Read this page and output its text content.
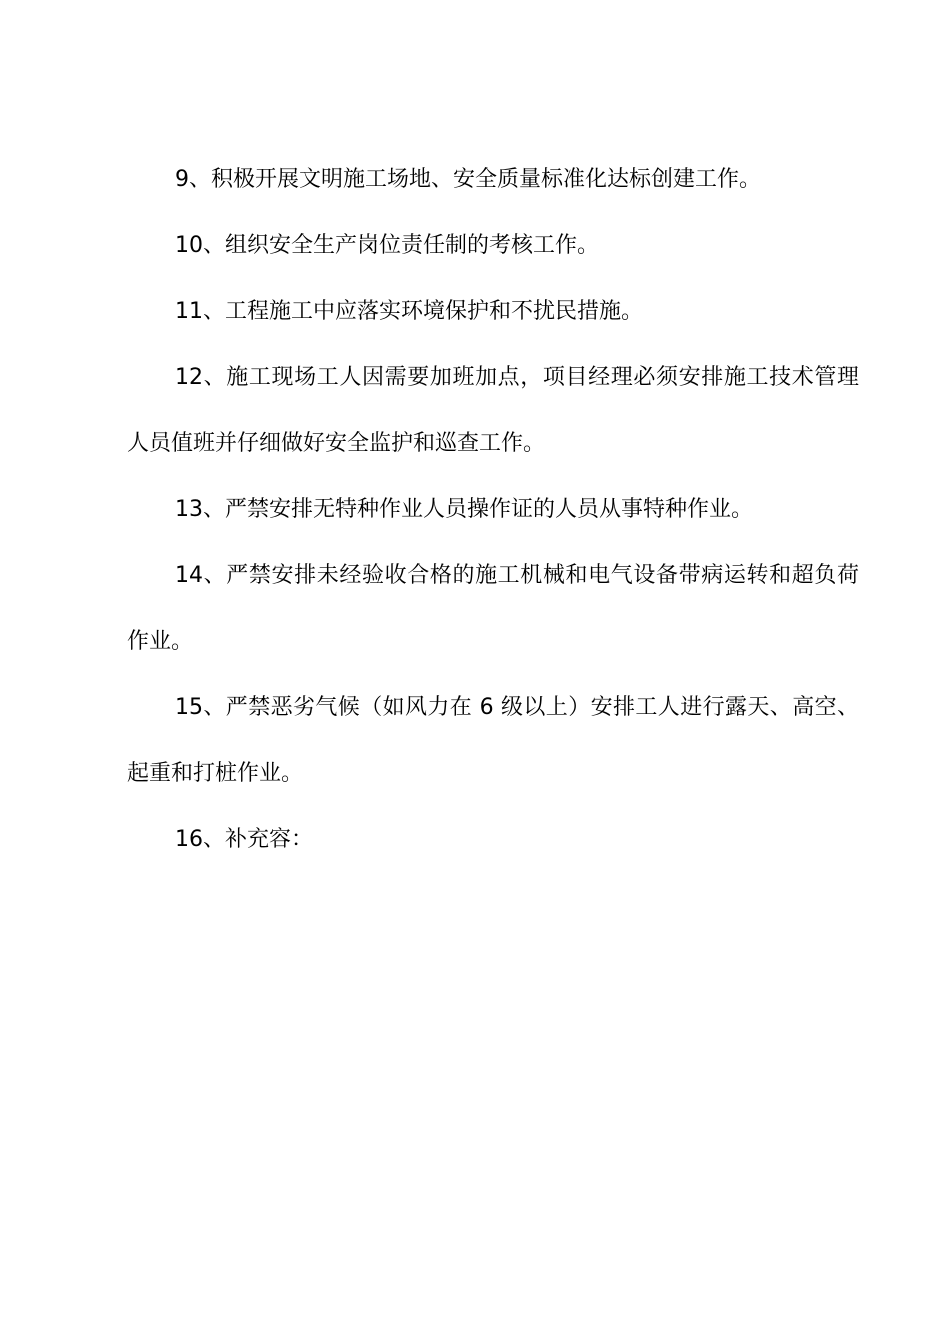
9、积极开展文明施工场地、安全质量标准化达标创建工作。

10、组织安全生产岗位责任制的考核工作。

11、工程施工中应落实环境保护和不扰民措施。

12、施工现场工人因需要加班加点，项目经理必须安排施工技术管理人员值班并仔细做好安全监护和巡查工作。

13、严禁安排无特种作业人员操作证的人员从事特种作业。

14、严禁安排未经验收合格的施工机械和电气设备带病运转和超负荷作业。

15、严禁恶劣气候（如风力在 6 级以上）安排工人进行露天、高空、起重和打桩作业。

16、补充容：
